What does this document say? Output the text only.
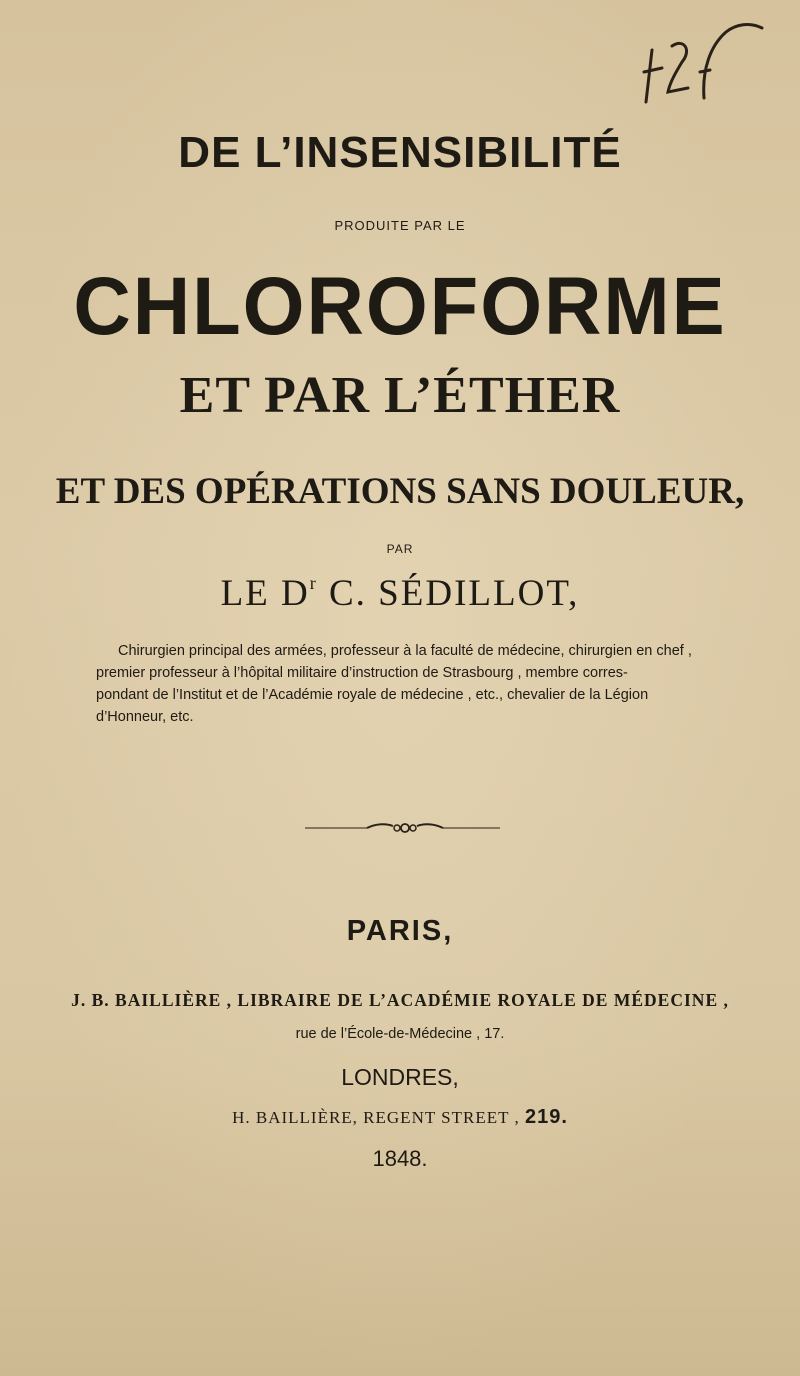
DE L’INSENSIBILITÉ
PRODUITE PAR LE
CHLOROFORME
ET PAR L’ÉTHER
ET DES OPÉRATIONS SANS DOULEUR,
PAR
LE $D^r$ C. SÉDILLOT,
Chirurgien principal des armées, professeur à la faculté de médecine, chirurgien en chef ,
premier professeur à l’hôpital militaire d’instruction de Strasbourg , membre corres-
pondant de l’Institut et de l’Académie royale de médecine , etc., chevalier de la Légion
d’Honneur, etc.
PARIS,
J. B. BAILLIÈRE , LIBRAIRE DE L’ACADÉMIE ROYALE DE MÉDECINE ,
rue de l’École-de-Médecine , 17.
LONDRES,
H. BAILLIÈRE, REGENT STREET , 219.
1848.
